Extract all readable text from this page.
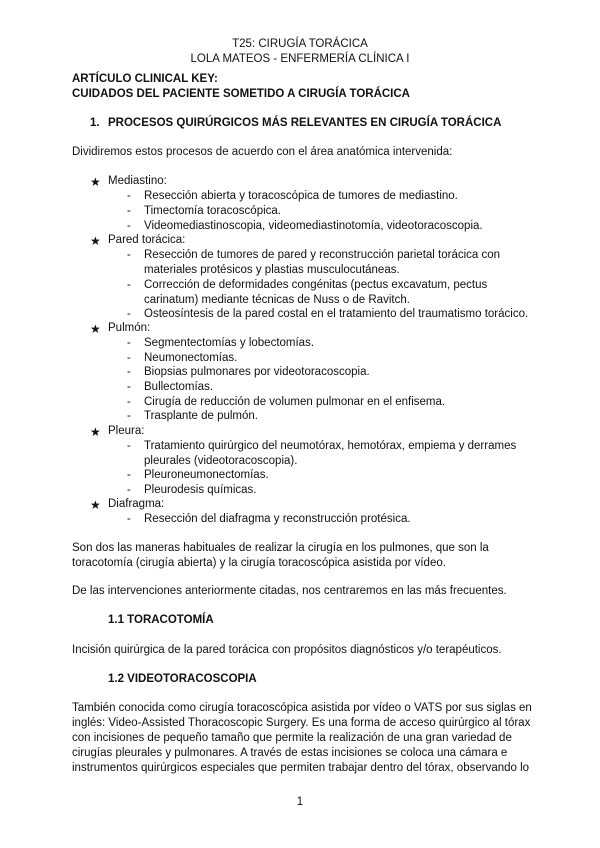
T25: CIRUGÍA TORÁCICA
LOLA MATEOS - ENFERMERÍA CLÍNICA I
ARTÍCULO CLINICAL KEY:
CUIDADOS DEL PACIENTE SOMETIDO A CIRUGÍA TORÁCICA
1. PROCESOS QUIRÚRGICOS MÁS RELEVANTES EN CIRUGÍA TORÁCICA
Dividiremos estos procesos de acuerdo con el área anatómica intervenida:
★ Mediastino:
- Resección abierta y toracoscópica de tumores de mediastino.
- Timectomía toracoscópica.
- Videomediastinoscopia, videomediastinotomía, videotoracoscopia.
★ Pared torácica:
- Resección de tumores de pared y reconstrucción parietal torácica con
materiales protésicos y plastias musculocutáneas.
- Corrección de deformidades congénitas (pectus excavatum, pectus
carinatum) mediante técnicas de Nuss o de Ravitch.
- Osteosíntesis de la pared costal en el tratamiento del traumatismo torácico.
★ Pulmón:
- Segmentectomías y lobectomías.
- Neumonectomías.
- Biopsias pulmonares por videotoracoscopia.
- Bullectomías.
- Cirugía de reducción de volumen pulmonar en el enfisema.
- Trasplante de pulmón.
★ Pleura:
- Tratamiento quirúrgico del neumotórax, hemotórax, empiema y derrames
pleurales (videotoracoscopia).
- Pleuroneumonectomías.
- Pleurodesis químicas.
★ Diafragma:
- Resección del diafragma y reconstrucción protésica.
Son dos las maneras habituales de realizar la cirugía en los pulmones, que son la
toracotomía (cirugía abierta) y la cirugía toracoscópica asistida por vídeo.
De las intervenciones anteriormente citadas, nos centraremos en las más frecuentes.
1.1 TORACOTOMÍA
Incisión quirúrgica de la pared torácica con propósitos diagnósticos y/o terapéuticos.
1.2 VIDEOTORACOSCOPIA
También conocida como cirugía toracoscópica asistida por vídeo o VATS por sus siglas en
inglés: Video-Assisted Thoracoscopic Surgery. Es una forma de acceso quirúrgico al tórax
con incisiones de pequeño tamaño que permite la realización de una gran variedad de
cirugías pleurales y pulmonares. A través de estas incisiones se coloca una cámara e
instrumentos quirúrgicos especiales que permiten trabajar dentro del tórax, observando lo
1
